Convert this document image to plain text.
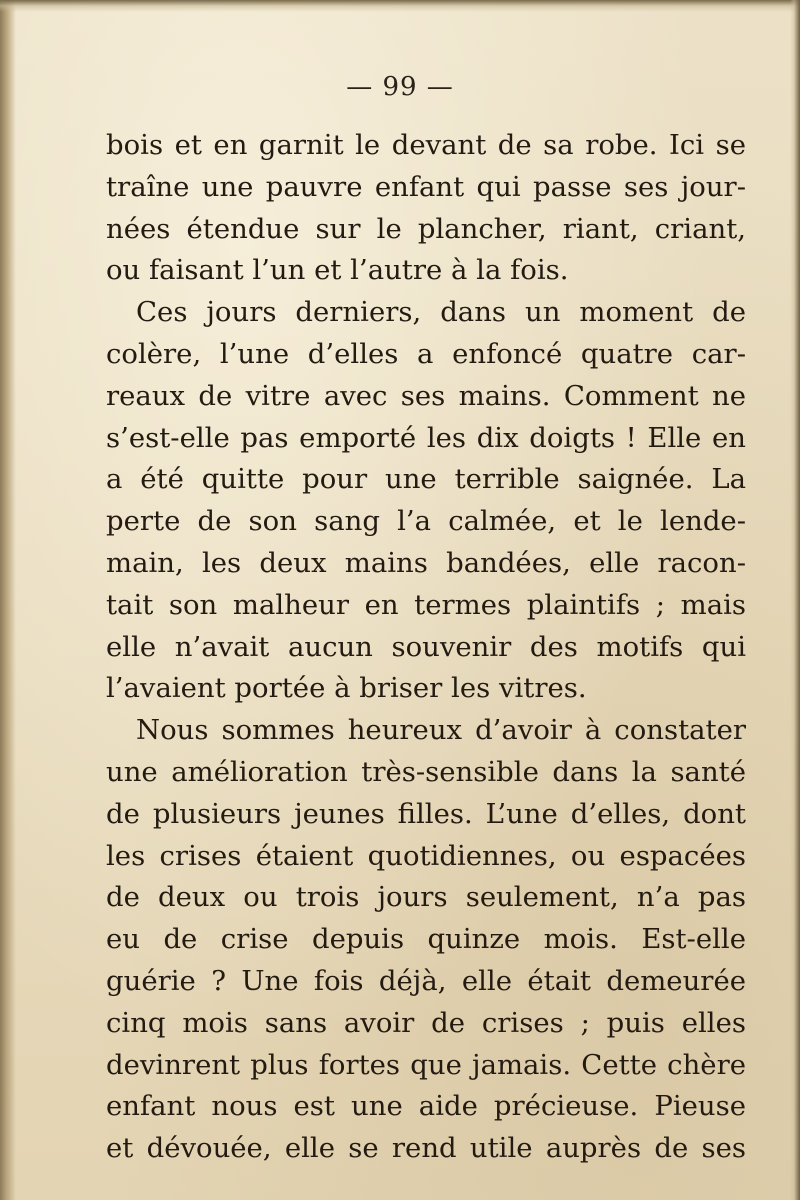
— 99 —
bois et en garnit le devant de sa robe. Ici se
traîne une pauvre enfant qui passe ses jour-
nées étendue sur le plancher, riant, criant,
ou faisant l’un et l’autre à la fois.
Ces jours derniers, dans un moment de
colère, l’une d’elles a enfoncé quatre car-
reaux de vitre avec ses mains. Comment ne
s’est-elle pas emporté les dix doigts ! Elle en
a été quitte pour une terrible saignée. La
perte de son sang l’a calmée, et le lende-
main, les deux mains bandées, elle racon-
tait son malheur en termes plaintifs ; mais
elle n’avait aucun souvenir des motifs qui
l’avaient portée à briser les vitres.
Nous sommes heureux d’avoir à constater
une amélioration très-sensible dans la santé
de plusieurs jeunes filles. L’une d’elles, dont
les crises étaient quotidiennes, ou espacées
de deux ou trois jours seulement, n’a pas
eu de crise depuis quinze mois. Est-elle
guérie ? Une fois déjà, elle était demeurée
cinq mois sans avoir de crises ; puis elles
devinrent plus fortes que jamais. Cette chère
enfant nous est une aide précieuse. Pieuse
et dévouée, elle se rend utile auprès de ses
